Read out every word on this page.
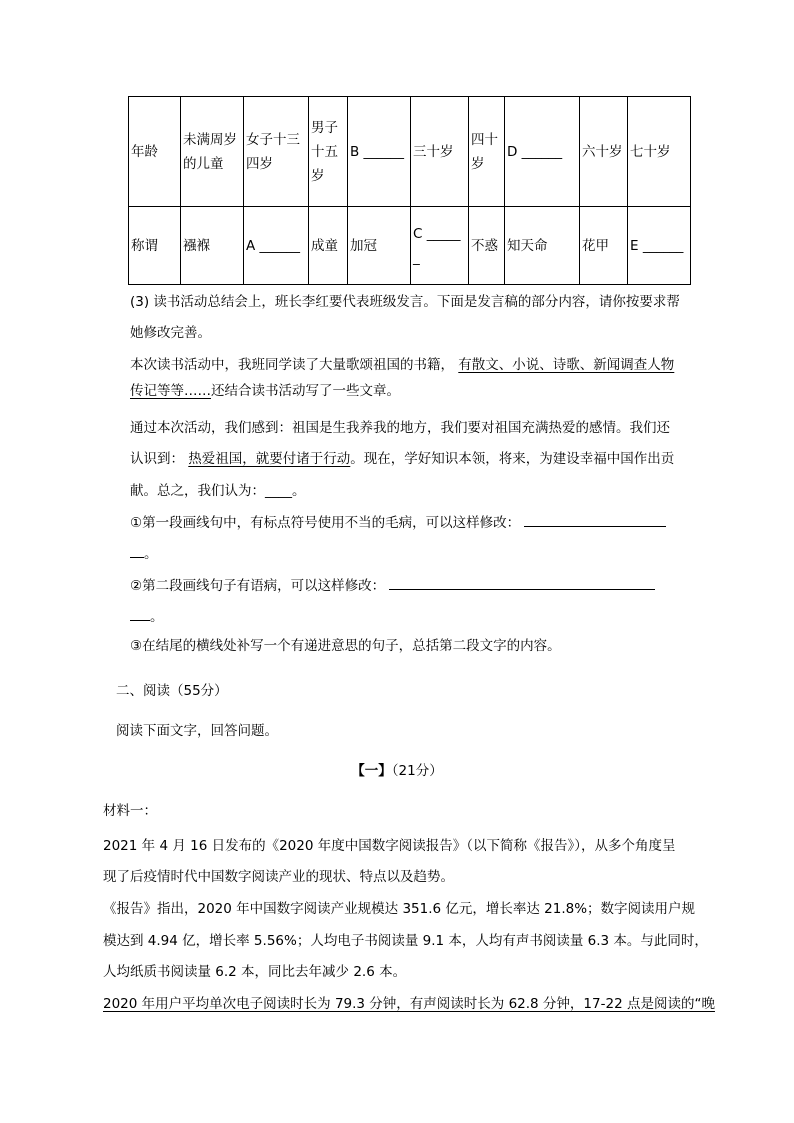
年龄	未满周岁的儿童	女子十三四岁	男子十五岁	B ______	三十岁	四十岁	D ______	六十岁	七十岁
称谓	襁褓	A ______	成童	加冠	C ______	不惑	知天命	花甲	E ______
(3) 读书活动总结会上，班长李红要代表班级发言。下面是发言稿的部分内容，请你按要求帮
她修改完善。
本次读书活动中，我班同学读了大量歌颂祖国的书籍， 有散文、小说、诗歌、新闻调查人物
传记等等……还结合读书活动写了一些文章。
通过本次活动，我们感到：祖国是生我养我的地方，我们要对祖国充满热爱的感情。我们还
认识到： 热爱祖国，就要付诸于行动。现在，学好知识本领，将来，为建设幸福中国作出贡
献。总之，我们认为：____。
①第一段画线句中，有标点符号使用不当的毛病，可以这样修改：
。
②第二段画线句子有语病，可以这样修改：
。
③在结尾的横线处补写一个有递进意思的句子，总括第二段文字的内容。
二、阅读（55分）
阅读下面文字，回答问题。
【一】（21分）
材料一：
2021 年 4 月 16 日发布的《2020 年度中国数字阅读报告》（以下简称《报告》），从多个角度呈
现了后疫情时代中国数字阅读产业的现状、特点以及趋势。
《报告》指出，2020 年中国数字阅读产业规模达 351.6 亿元，增长率达 21.8%；数字阅读用户规
模达到 4.94 亿，增长率 5.56%；人均电子书阅读量 9.1 本，人均有声书阅读量 6.3 本。与此同时，
人均纸质书阅读量 6.2 本，同比去年减少 2.6 本。
2020 年用户平均单次电子阅读时长为 79.3 分钟，有声阅读时长为 62.8 分钟，17-22 点是阅读的“晚
